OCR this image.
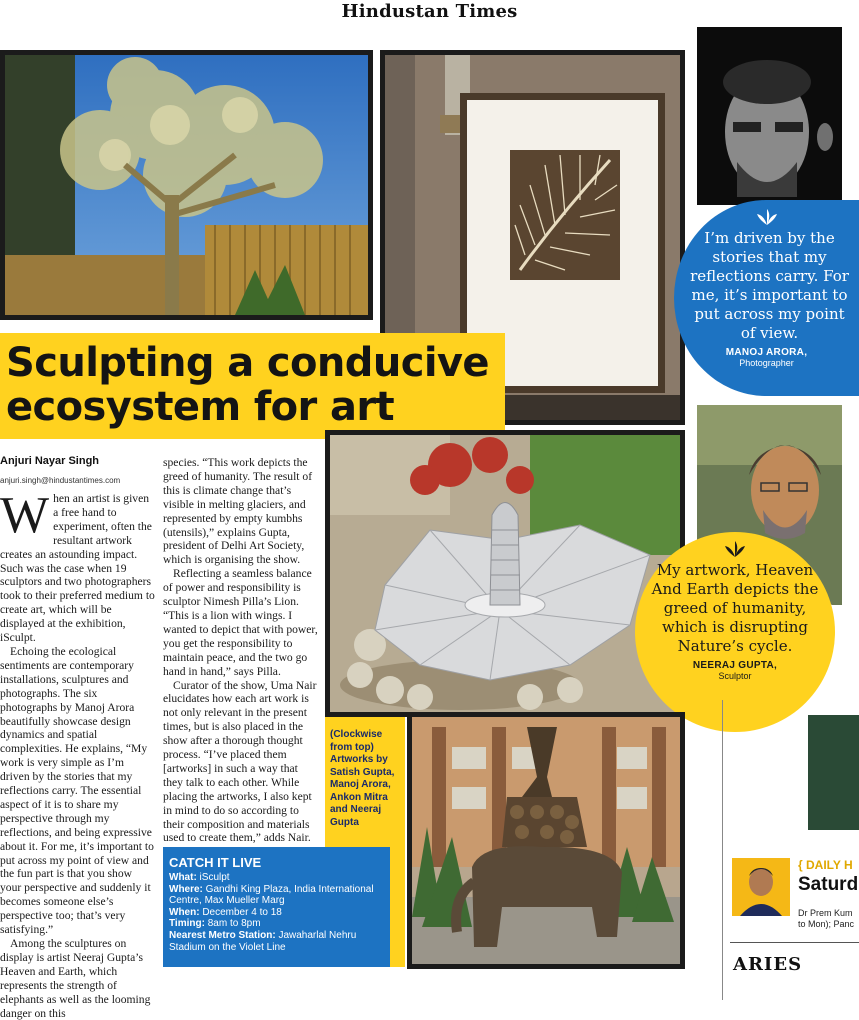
Hindustan Times
I’m driven by the stories that my reflections carry. For me, it’s important to put across my point of view.
MANOJ ARORA,
Photographer
Sculpting a conducive
ecosystem for art
My artwork, Heaven And Earth depicts the greed of humanity, which is disrupting Nature’s cycle.
NEERAJ GUPTA,
Sculptor
Anjuri Nayar Singh
anjuri.singh@hindustantimes.com

When an artist is given a free hand to experiment, often the resultant artwork creates an astounding impact. Such was the case when 19 sculptors and two photographers took to their preferred medium to create art, which will be displayed at the exhibition, iSculpt.

Echoing the ecological sentiments are contemporary installations, sculptures and photographs. The six photographs by Manoj Arora beautifully showcase design dynamics and spatial complexities. He explains, “My work is very simple as I’m driven by the stories that my reflections carry. The essential aspect of it is to share my perspective through my reflections, and being expressive about it. For me, it’s important to put across my point of view and the fun part is that you show your perspective and suddenly it becomes someone else’s perspective too; that’s very satisfying.”

Among the sculptures on display is artist Neeraj Gupta’s Heaven and Earth, which represents the strength of elephants as well as the looming danger on this

species. “This work depicts the greed of humanity. The result of this is climate change that’s visible in melting glaciers, and represented by empty kumbhs (utensils),” explains Gupta, president of Delhi Art Society, which is organising the show.

Reflecting a seamless balance of power and responsibility is sculptor Nimesh Pilla’s Lion. “This is a lion with wings. I wanted to depict that with power, you get the responsibility to maintain peace, and the two go hand in hand,” says Pilla.

Curator of the show, Uma Nair elucidates how each art work is not only relevant in the present times, but is also placed in the show after a thorough thought process. “I’ve placed them [artworks] in such a way that they talk to each other. While placing the artworks, I also kept in mind to do so according to their composition and materials used to create them,” adds Nair.

(Clockwise from top) Artworks by Satish Gupta, Manoj Arora, Ankon Mitra and Neeraj Gupta
CATCH IT LIVE
What: iSculpt
Where: Gandhi King Plaza, India International Centre, Max Mueller Marg
When: December 4 to 18
Timing: 8am to 8pm
Nearest Metro Station: Jawaharlal Nehru Stadium on the Violet Line
{ DAILY H
Saturd
Dr Prem Kum
to Mon); Panc
ARIES
